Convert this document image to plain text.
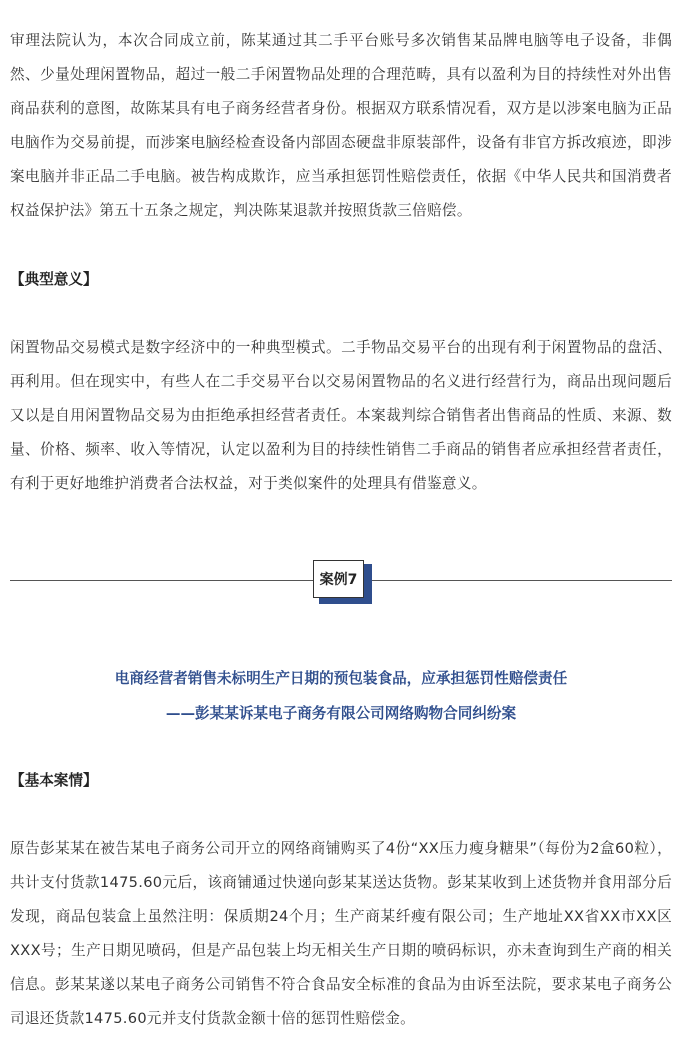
审理法院认为，本次合同成立前，陈某通过其二手平台账号多次销售某品牌电脑等电子设备，非偶然、少量处理闲置物品，超过一般二手闲置物品处理的合理范畴，具有以盈利为目的持续性对外出售商品获利的意图，故陈某具有电子商务经营者身份。根据双方联系情况看，双方是以涉案电脑为正品电脑作为交易前提，而涉案电脑经检查设备内部固态硬盘非原装部件，设备有非官方拆改痕迹，即涉案电脑并非正品二手电脑。被告构成欺诈，应当承担惩罚性赔偿责任，依据《中华人民共和国消费者权益保护法》第五十五条之规定，判决陈某退款并按照货款三倍赔偿。

【典型意义】

闲置物品交易模式是数字经济中的一种典型模式。二手物品交易平台的出现有利于闲置物品的盘活、再利用。但在现实中，有些人在二手交易平台以交易闲置物品的名义进行经营行为，商品出现问题后又以是自用闲置物品交易为由拒绝承担经营者责任。本案裁判综合销售者出售商品的性质、来源、数量、价格、频率、收入等情况，认定以盈利为目的持续性销售二手商品的销售者应承担经营者责任，有利于更好地维护消费者合法权益，对于类似案件的处理具有借鉴意义。

案例7

电商经营者销售未标明生产日期的预包装食品，应承担惩罚性赔偿责任

——彭某某诉某电子商务有限公司网络购物合同纠纷案

【基本案情】

原告彭某某在被告某电子商务公司开立的网络商铺购买了4份“XX压力瘦身糖果”（每份为2盒60粒），共计支付货款1475.60元后，该商铺通过快递向彭某某送达货物。彭某某收到上述货物并食用部分后发现，商品包装盒上虽然注明：保质期24个月；生产商某纤瘦有限公司；生产地址XX省XX市XX区XXX号；生产日期见喷码，但是产品包装上均无相关生产日期的喷码标识，亦未查询到生产商的相关信息。彭某某遂以某电子商务公司销售不符合食品安全标准的食品为由诉至法院，要求某电子商务公司退还货款1475.60元并支付货款金额十倍的惩罚性赔偿金。
